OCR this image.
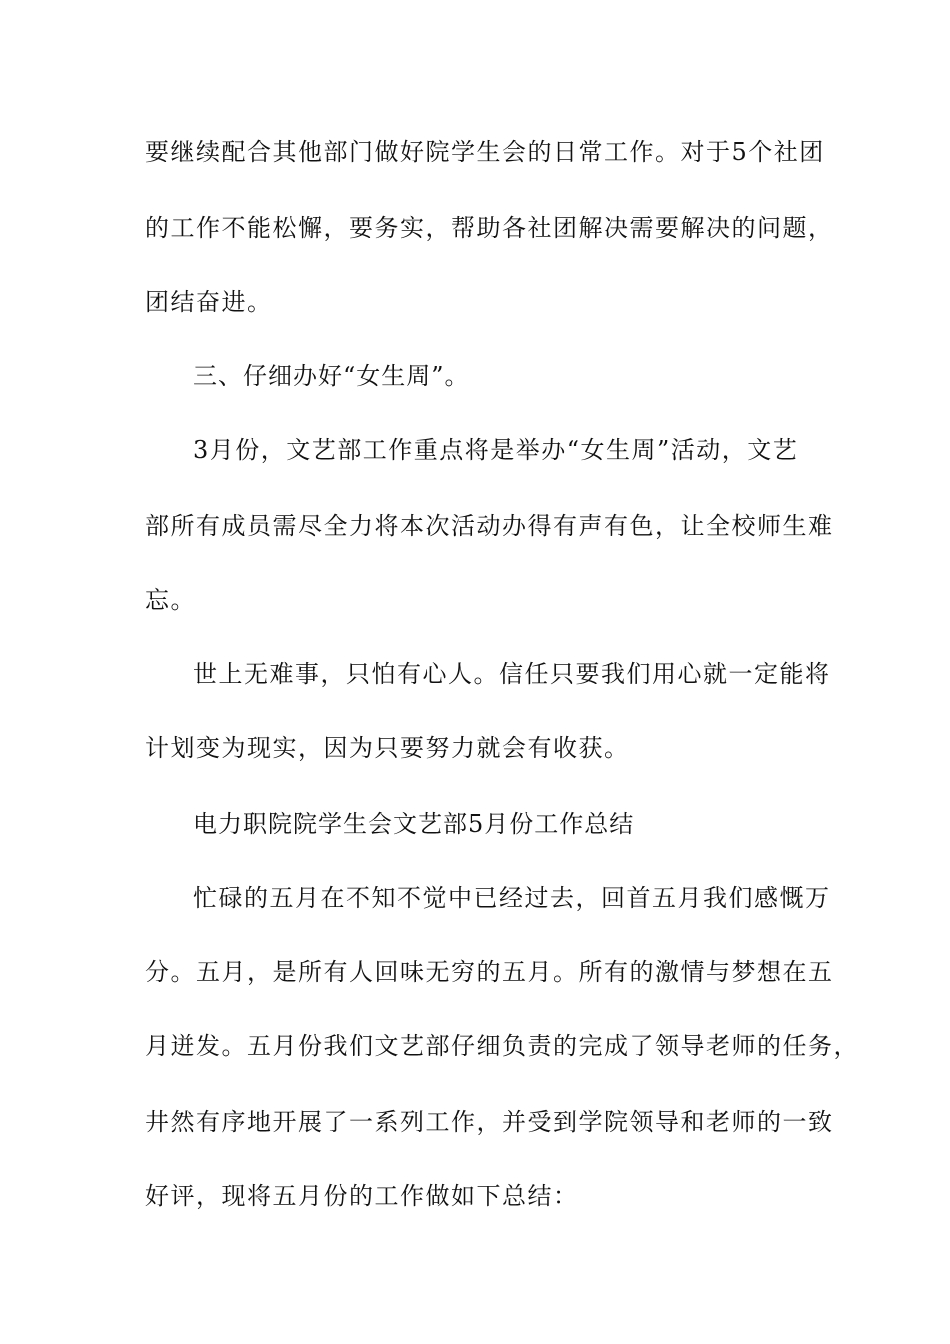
要继续配合其他部门做好院学生会的日常工作。对于5个社团
的工作不能松懈，要务实，帮助各社团解决需要解决的问题，
团结奋进。
三、仔细办好“女生周”。
3月份，文艺部工作重点将是举办“女生周”活动，文艺
部所有成员需尽全力将本次活动办得有声有色，让全校师生难
忘。
世上无难事，只怕有心人。信任只要我们用心就一定能将
计划变为现实，因为只要努力就会有收获。
电力职院院学生会文艺部5月份工作总结
忙碌的五月在不知不觉中已经过去，回首五月我们感慨万
分。五月，是所有人回味无穷的五月。所有的激情与梦想在五
月迸发。五月份我们文艺部仔细负责的完成了领导老师的任务，
井然有序地开展了一系列工作，并受到学院领导和老师的一致
好评，现将五月份的工作做如下总结：
